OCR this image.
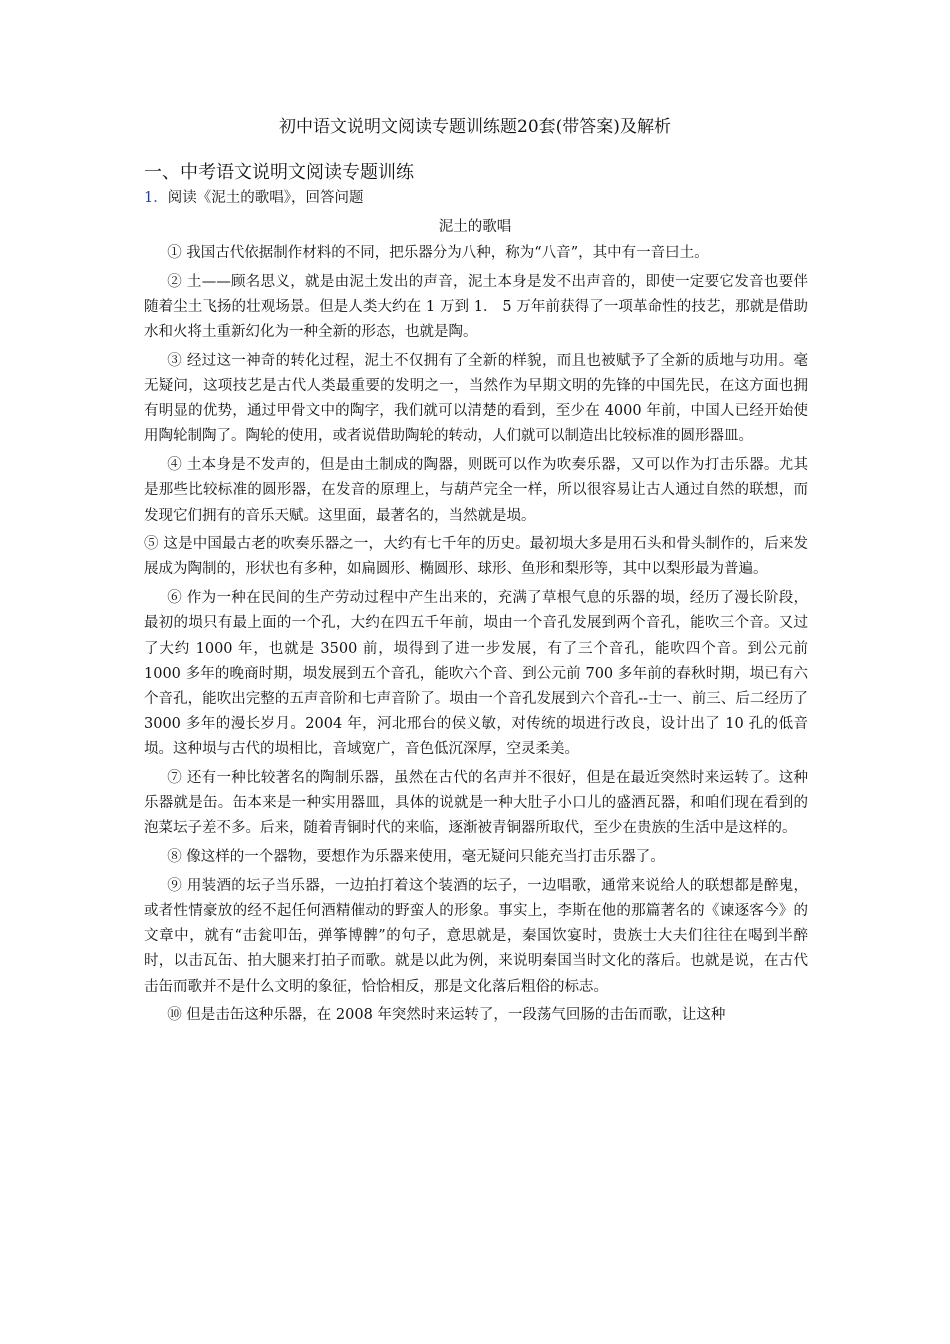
初中语文说明文阅读专题训练题20套(带答案)及解析
一、中考语文说明文阅读专题训练
1．阅读《泥土的歌唱》，回答问题
泥土的歌唱

① 我国古代依据制作材料的不同，把乐器分为八种，称为“八音”，其中有一音曰土。

② 土——顾名思义，就是由泥土发出的声音，泥土本身是发不出声音的，即使一定要它发音也要伴随着尘土飞扬的壮观场景。但是人类大约在 1 万到 1． 5 万年前获得了一项革命性的技艺，那就是借助水和火将土重新幻化为一种全新的形态，也就是陶。

③ 经过这一神奇的转化过程，泥土不仅拥有了全新的样貌，而且也被赋予了全新的质地与功用。毫无疑问，这项技艺是古代人类最重要的发明之一，当然作为早期文明的先锋的中国先民，在这方面也拥有明显的优势，通过甲骨文中的陶字，我们就可以清楚的看到，至少在 4000 年前，中国人已经开始使用陶轮制陶了。陶轮的使用，或者说借助陶轮的转动，人们就可以制造出比较标准的圆形器皿。

④ 土本身是不发声的，但是由土制成的陶器，则既可以作为吹奏乐器，又可以作为打击乐器。尤其是那些比较标准的圆形器，在发音的原理上，与葫芦完全一样，所以很容易让古人通过自然的联想，而发现它们拥有的音乐天赋。这里面，最著名的，当然就是埙。

⑤ 这是中国最古老的吹奏乐器之一，大约有七千年的历史。最初埙大多是用石头和骨头制作的，后来发展成为陶制的，形状也有多种，如扁圆形、椭圆形、球形、鱼形和梨形等，其中以梨形最为普遍。

⑥ 作为一种在民间的生产劳动过程中产生出来的，充满了草根气息的乐器的埙，经历了漫长阶段，最初的埙只有最上面的一个孔，大约在四五千年前，埙由一个音孔发展到两个音孔，能吹三个音。又过了大约 1000 年，也就是 3500 前，埙得到了进一步发展，有了三个音孔，能吹四个音。到公元前 1000 多年的晚商时期，埙发展到五个音孔，能吹六个音、到公元前 700 多年前的春秋时期，埙已有六个音孔，能吹出完整的五声音阶和七声音阶了。埙由一个音孔发展到六个音孔--士一、前三、后二经历了 3000 多年的漫长岁月。2004 年，河北邢台的侯义敏，对传统的埙进行改良，设计出了 10 孔的低音埙。这种埙与古代的埙相比，音域宽广，音色低沉深厚，空灵柔美。

⑦ 还有一种比较著名的陶制乐器，虽然在古代的名声并不很好，但是在最近突然时来运转了。这种乐器就是缶。缶本来是一种实用器皿，具体的说就是一种大肚子小口儿的盛酒瓦器，和咱们现在看到的泡菜坛子差不多。后来，随着青铜时代的来临，逐渐被青铜器所取代，至少在贵族的生活中是这样的。

⑧ 像这样的一个器物，要想作为乐器来使用，毫无疑问只能充当打击乐器了。

⑨ 用装酒的坛子当乐器，一边拍打着这个装酒的坛子，一边唱歌，通常来说给人的联想都是醉鬼，或者性情豪放的经不起任何酒精催动的野蛮人的形象。事实上，李斯在他的那篇著名的《谏逐客今》的文章中，就有“击瓮叩缶，弹筝博髀”的句子，意思就是，秦国饮宴时，贵族士大夫们往往在喝到半醉时，以击瓦缶、拍大腿来打拍子而歌。就是以此为例，来说明秦国当时文化的落后。也就是说，在古代击缶而歌并不是什么文明的象征，恰恰相反，那是文化落后粗俗的标志。

⑩ 但是击缶这种乐器，在 2008 年突然时来运转了，一段荡气回肠的击缶而歌，让这种
